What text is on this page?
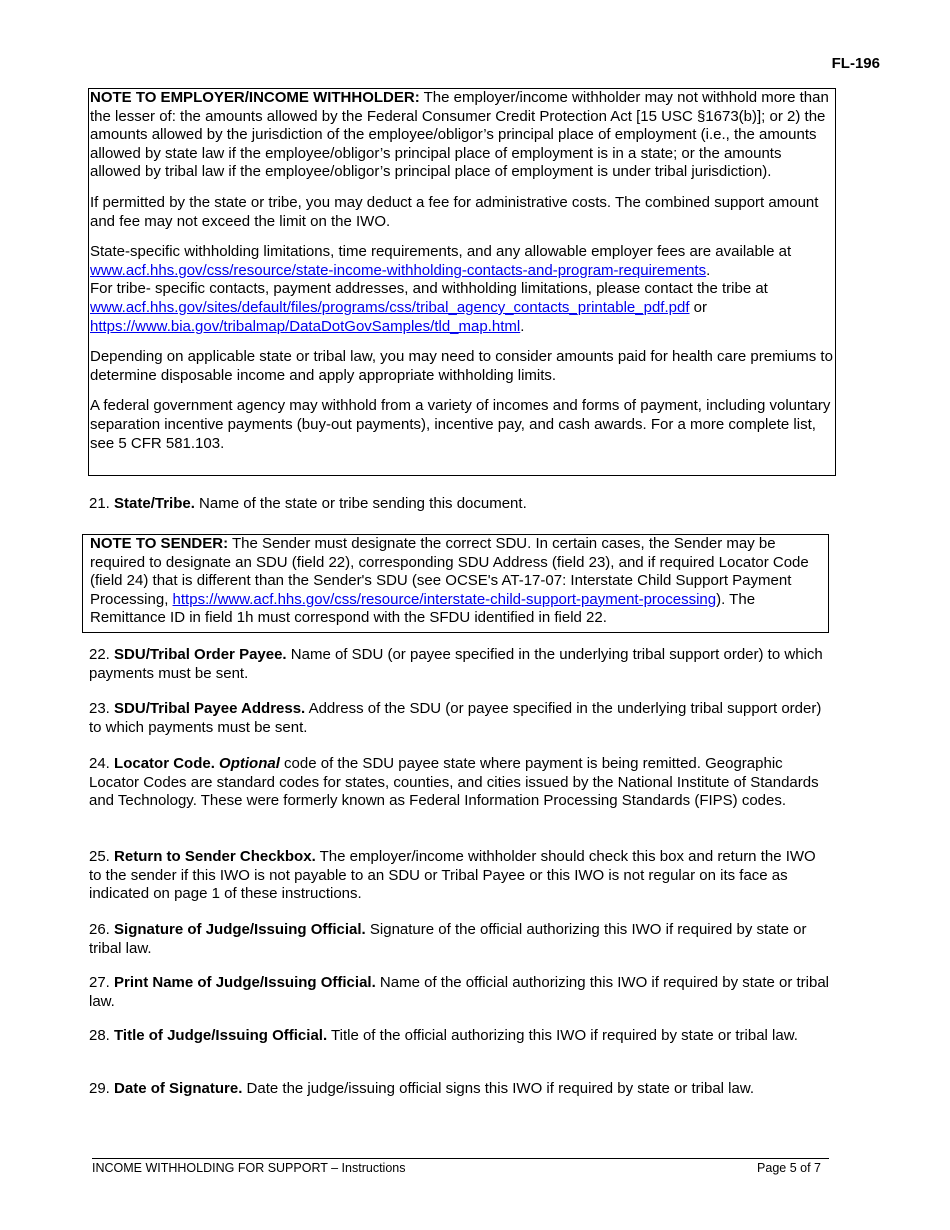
FL-196

NOTE TO EMPLOYER/INCOME WITHHOLDER: The employer/income withholder may not withhold more than the lesser of: the amounts allowed by the Federal Consumer Credit Protection Act [15 USC §1673(b)]; or 2) the amounts allowed by the jurisdiction of the employee/obligor’s principal place of employment (i.e., the amounts allowed by state law if the employee/obligor’s principal place of employment is in a state; or the amounts allowed by tribal law if the employee/obligor’s principal place of employment is under tribal jurisdiction).

If permitted by the state or tribe, you may deduct a fee for administrative costs. The combined support amount and fee may not exceed the limit on the IWO.

State-specific withholding limitations, time requirements, and any allowable employer fees are available at www.acf.hhs.gov/css/resource/state-income-withholding-contacts-and-program-requirements.
For tribe- specific contacts, payment addresses, and withholding limitations, please contact the tribe at www.acf.hhs.gov/sites/default/files/programs/css/tribal_agency_contacts_printable_pdf.pdf or https://www.bia.gov/tribalmap/DataDotGovSamples/tld_map.html.

Depending on applicable state or tribal law, you may need to consider amounts paid for health care premiums to determine disposable income and apply appropriate withholding limits.

A federal government agency may withhold from a variety of incomes and forms of payment, including voluntary separation incentive payments (buy-out payments), incentive pay, and cash awards. For a more complete list, see 5 CFR 581.103.

21. State/Tribe. Name of the state or tribe sending this document.

NOTE TO SENDER: The Sender must designate the correct SDU. In certain cases, the Sender may be required to designate an SDU (field 22), corresponding SDU Address (field 23), and if required Locator Code (field 24) that is different than the Sender's SDU (see OCSE's AT-17-07: Interstate Child Support Payment Processing, https://www.acf.hhs.gov/css/resource/interstate-child-support-payment-processing). The Remittance ID in field 1h must correspond with the SFDU identified in field 22.

22. SDU/Tribal Order Payee. Name of SDU (or payee specified in the underlying tribal support order) to which payments must be sent.

23. SDU/Tribal Payee Address. Address of the SDU (or payee specified in the underlying tribal support order) to which payments must be sent.

24. Locator Code. Optional code of the SDU payee state where payment is being remitted. Geographic Locator Codes are standard codes for states, counties, and cities issued by the National Institute of Standards and Technology. These were formerly known as Federal Information Processing Standards (FIPS) codes.

25. Return to Sender Checkbox. The employer/income withholder should check this box and return the IWO to the sender if this IWO is not payable to an SDU or Tribal Payee or this IWO is not regular on its face as indicated on page 1 of these instructions.

26. Signature of Judge/Issuing Official. Signature of the official authorizing this IWO if required by state or tribal law.

27. Print Name of Judge/Issuing Official. Name of the official authorizing this IWO if required by state or tribal law.

28. Title of Judge/Issuing Official. Title of the official authorizing this IWO if required by state or tribal law.

29. Date of Signature. Date the judge/issuing official signs this IWO if required by state or tribal law.

INCOME WITHHOLDING FOR SUPPORT – Instructions	Page 5 of 7
